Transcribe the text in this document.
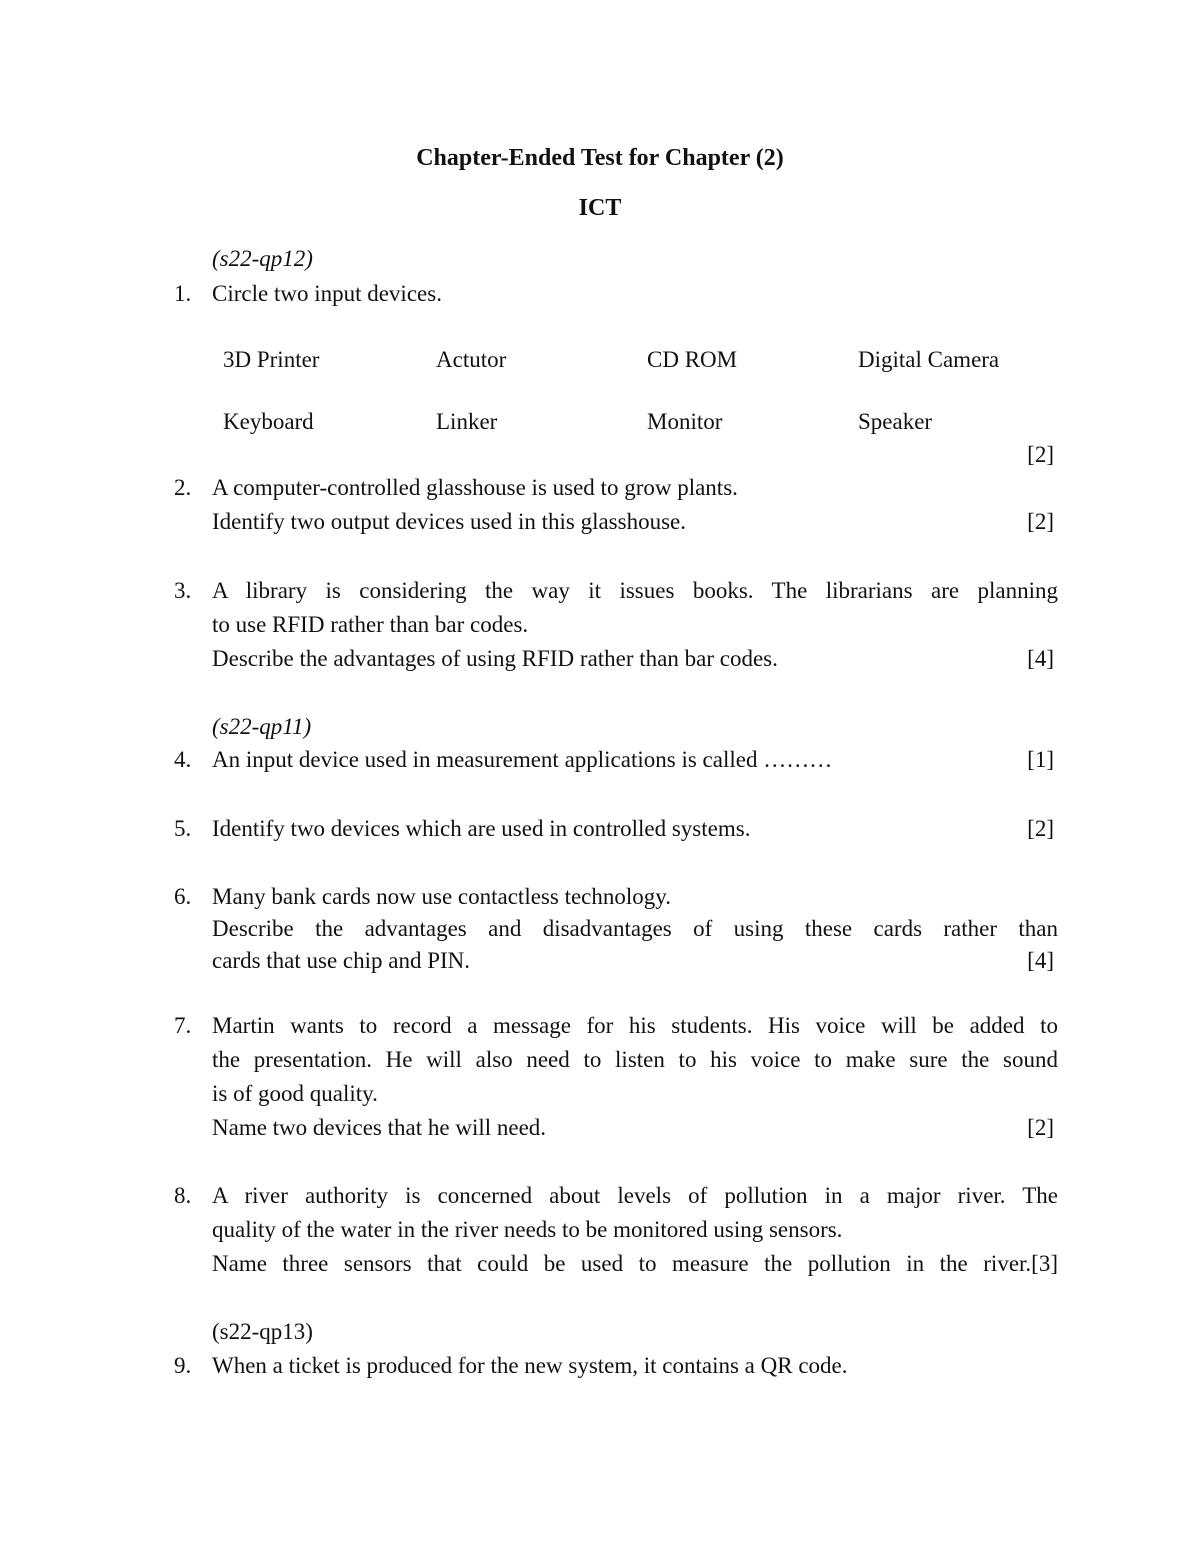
Chapter-Ended Test for Chapter (2)
ICT
(s22-qp12)
1. Circle two input devices.
3D Printer	Actutor	CD ROM	Digital Camera
Keyboard	Linker	Monitor	Speaker
[2]
2. A computer-controlled glasshouse is used to grow plants.
Identify two output devices used in this glasshouse.	[2]
3. A library is considering the way it issues books. The librarians are planning
to use RFID rather than bar codes.
Describe the advantages of using RFID rather than bar codes.	[4]
(s22-qp11)
4. An input device used in measurement applications is called ………	[1]
5. Identify two devices which are used in controlled systems.	[2]
6. Many bank cards now use contactless technology.
Describe the advantages and disadvantages of using these cards rather than
cards that use chip and PIN.	[4]
7. Martin wants to record a message for his students. His voice will be added to
the presentation. He will also need to listen to his voice to make sure the sound
is of good quality.
Name two devices that he will need.	[2]
8. A river authority is concerned about levels of pollution in a major river. The
quality of the water in the river needs to be monitored using sensors.
Name three sensors that could be used to measure the pollution in the river.[3]
(s22-qp13)
9. When a ticket is produced for the new system, it contains a QR code.
